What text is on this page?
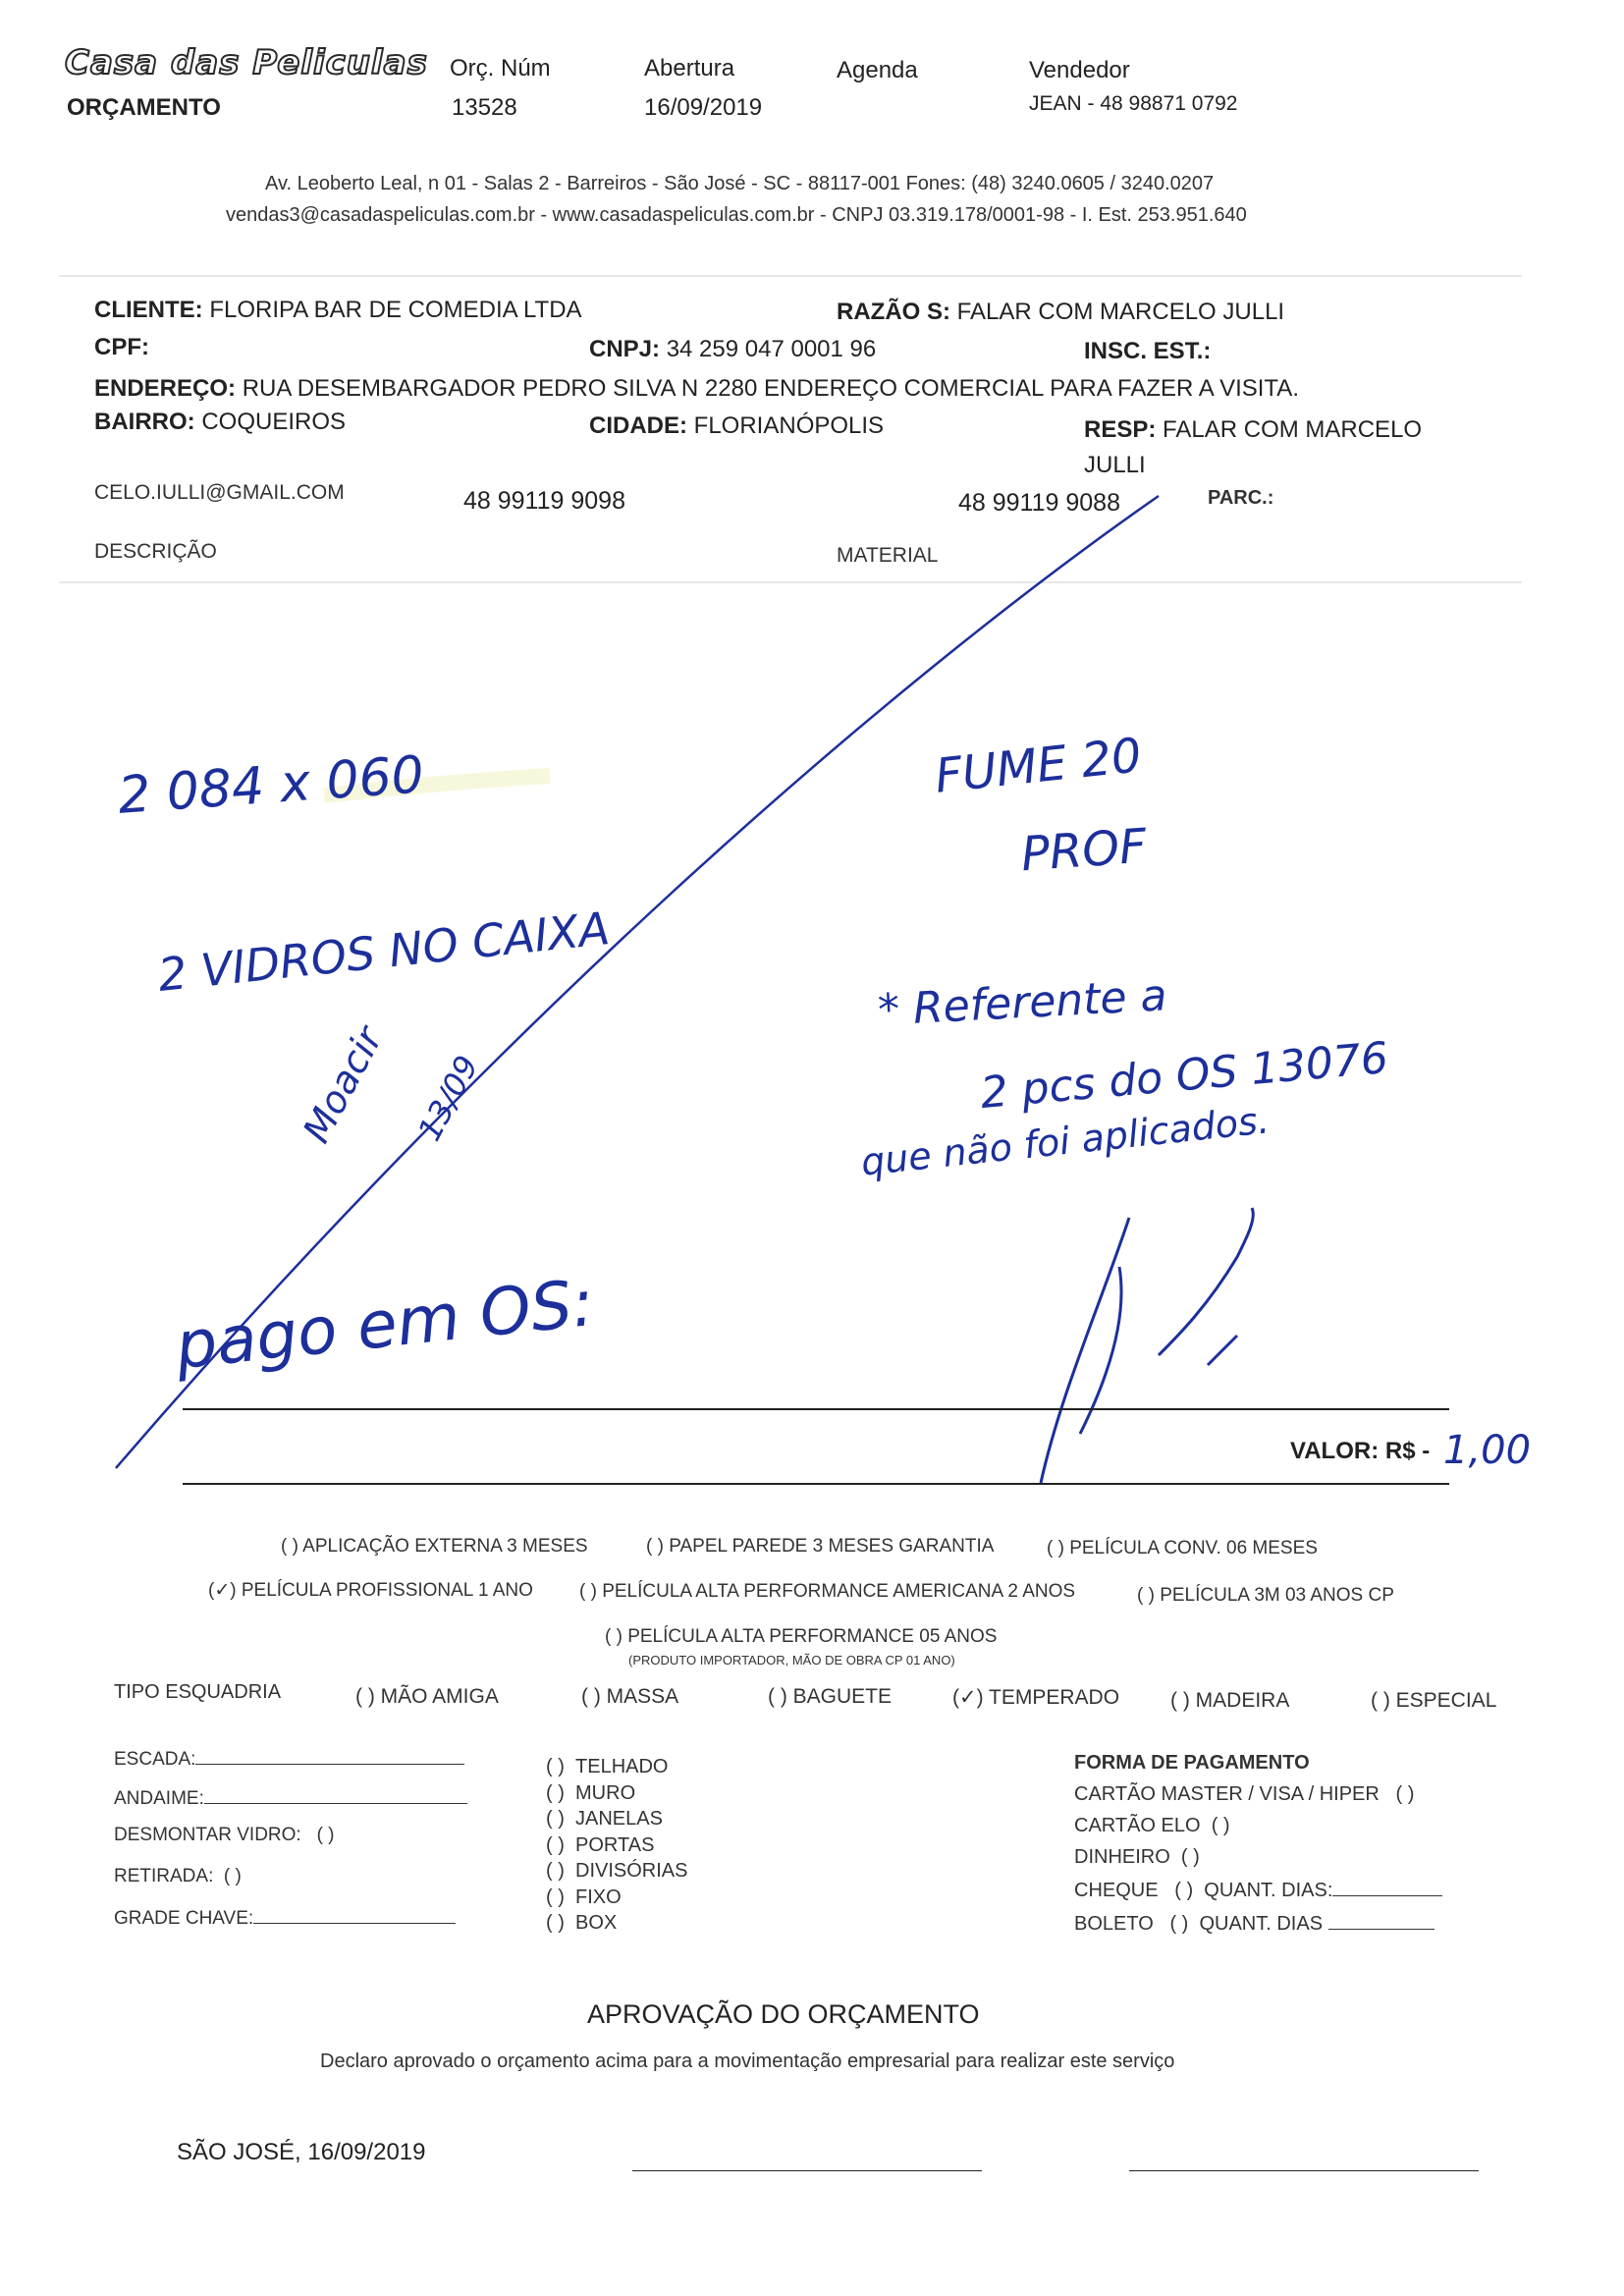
Casa das Peliculas
ORÇAMENTO
Orç. Núm
13528
Abertura
16/09/2019
Agenda	Vendedor
JEAN - 48 98871 0792
Av. Leoberto Leal, n 01 - Salas 2 - Barreiros - São José - SC - 88117-001 Fones: (48) 3240.0605 / 3240.0207
vendas3@casadaspeliculas.com.br - www.casadaspeliculas.com.br - CNPJ 03.319.178/0001-98 - I. Est. 253.951.640
CLIENTE: FLORIPA BAR DE COMEDIA LTDA	RAZÃO S: FALAR COM MARCELO JULLI
CPF:	CNPJ: 34 259 047 0001 96	INSC. EST.:
ENDEREÇO: RUA DESEMBARGADOR PEDRO SILVA N 2280 ENDEREÇO COMERCIAL PARA FAZER A VISITA.
BAIRRO: COQUEIROS	CIDADE: FLORIANÓPOLIS	RESP: FALAR COM MARCELO
JULLI
CELO.IULLI@GMAIL.COM	48 99119 9098	48 99119 9088	PARC.:
DESCRIÇÃO	MATERIAL
2 084 x 060	FUME 20
PROF
2 VIDROS NO CAIXA
* Referente a
2 pcs do OS 13076
que não foi aplicados.
Moacir 13/09
pago em OS:
VALOR: R$ - 1,00
( ) APLICAÇÃO EXTERNA 3 MESES	( ) PAPEL PAREDE 3 MESES GARANTIA	( ) PELÍCULA CONV. 06 MESES
(✓) PELÍCULA PROFISSIONAL 1 ANO ( ) PELÍCULA ALTA PERFORMANCE AMERICANA 2 ANOS	( ) PELÍCULA 3M 03 ANOS CP
( ) PELÍCULA ALTA PERFORMANCE 05 ANOS
(PRODUTO IMPORTADOR, MÃO DE OBRA CP 01 ANO)
TIPO ESQUADRIA	( ) MÃO AMIGA	( ) MASSA	( ) BAGUETE	(✓) TEMPERADO ( ) MADEIRA	( ) ESPECIAL
ESCADA:
ANDAIME:
DESMONTAR VIDRO: ( )
RETIRADA: ( )
GRADE CHAVE:
( ) TELHADO
( ) MURO
( ) JANELAS
( ) PORTAS
( ) DIVISÓRIAS
( ) FIXO
( ) BOX
FORMA DE PAGAMENTO
CARTÃO MASTER / VISA / HIPER ( )
CARTÃO ELO ( )
DINHEIRO ( )
CHEQUE ( ) QUANT. DIAS:
BOLETO ( ) QUANT. DIAS
APROVAÇÃO DO ORÇAMENTO
Declaro aprovado o orçamento acima para a movimentação empresarial para realizar este serviço
SÃO JOSÉ, 16/09/2019
